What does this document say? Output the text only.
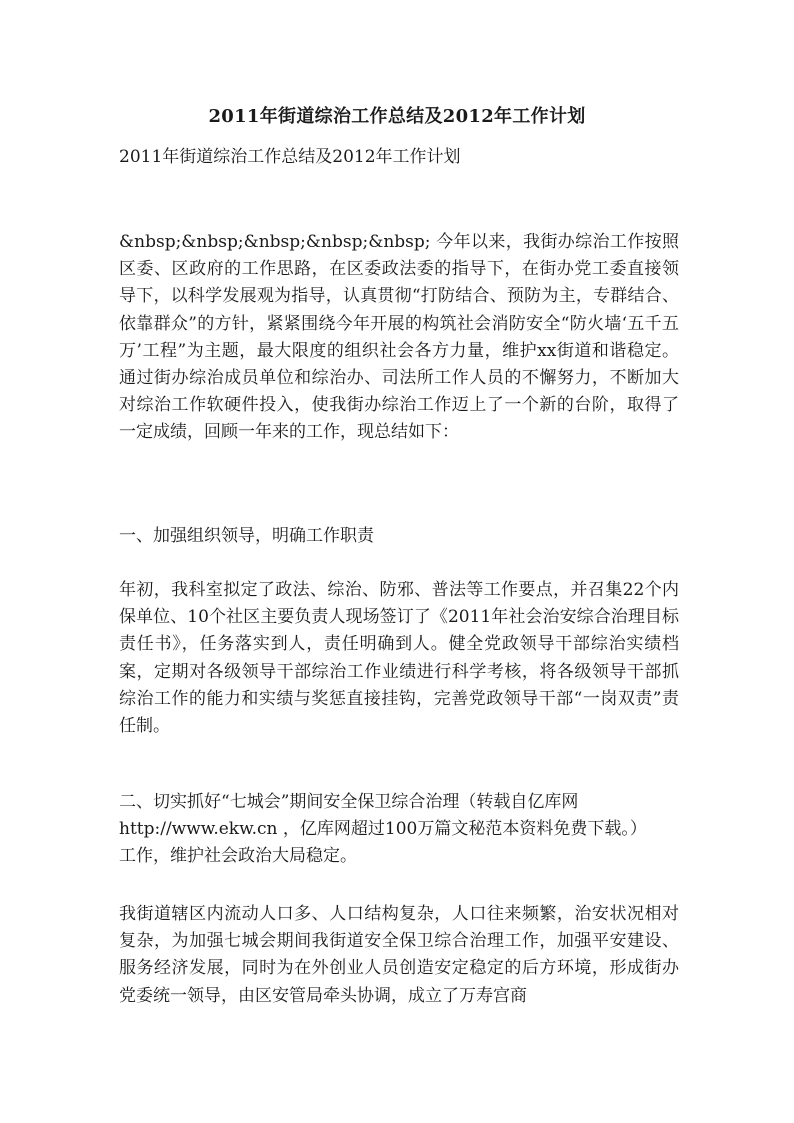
2011年街道综治工作总结及2012年工作计划
2011年街道综治工作总结及2012年工作计划

&nbsp;&nbsp;&nbsp;&nbsp;&nbsp; 今年以来，我街办综治工作按照区委、区政府的工作思路，在区委政法委的指导下，在街办党工委直接领导下，以科学发展观为指导，认真贯彻“打防结合、预防为主，专群结合、依靠群众”的方针，紧紧围绕今年开展的构筑社会消防安全“防火墙‘五千五万’工程”为主题，最大限度的组织社会各方力量，维护xx街道和谐稳定。通过街办综治成员单位和综治办、司法所工作人员的不懈努力，不断加大对综治工作软硬件投入，使我街办综治工作迈上了一个新的台阶，取得了一定成绩，回顾一年来的工作，现总结如下：

一、加强组织领导，明确工作职责

年初，我科室拟定了政法、综治、防邪、普法等工作要点，并召集22个内保单位、10个社区主要负责人现场签订了《2011年社会治安综合治理目标责任书》，任务落实到人，责任明确到人。健全党政领导干部综治实绩档案，定期对各级领导干部综治工作业绩进行科学考核，将各级领导干部抓综治工作的能力和实绩与奖惩直接挂钩，完善党政领导干部“一岗双责”责任制。

二、切实抓好“七城会”期间安全保卫综合治理（转载自亿库网
http://www.ekw.cn ，亿库网超过100万篇文秘范本资料免费下载。）
工作，维护社会政治大局稳定。

我街道辖区内流动人口多、人口结构复杂，人口往来频繁，治安状况相对复杂，为加强七城会期间我街道安全保卫综合治理工作，加强平安建设、服务经济发展，同时为在外创业人员创造安定稳定的后方环境，形成街办党委统一领导，由区安管局牵头协调，成立了万寿宫商
